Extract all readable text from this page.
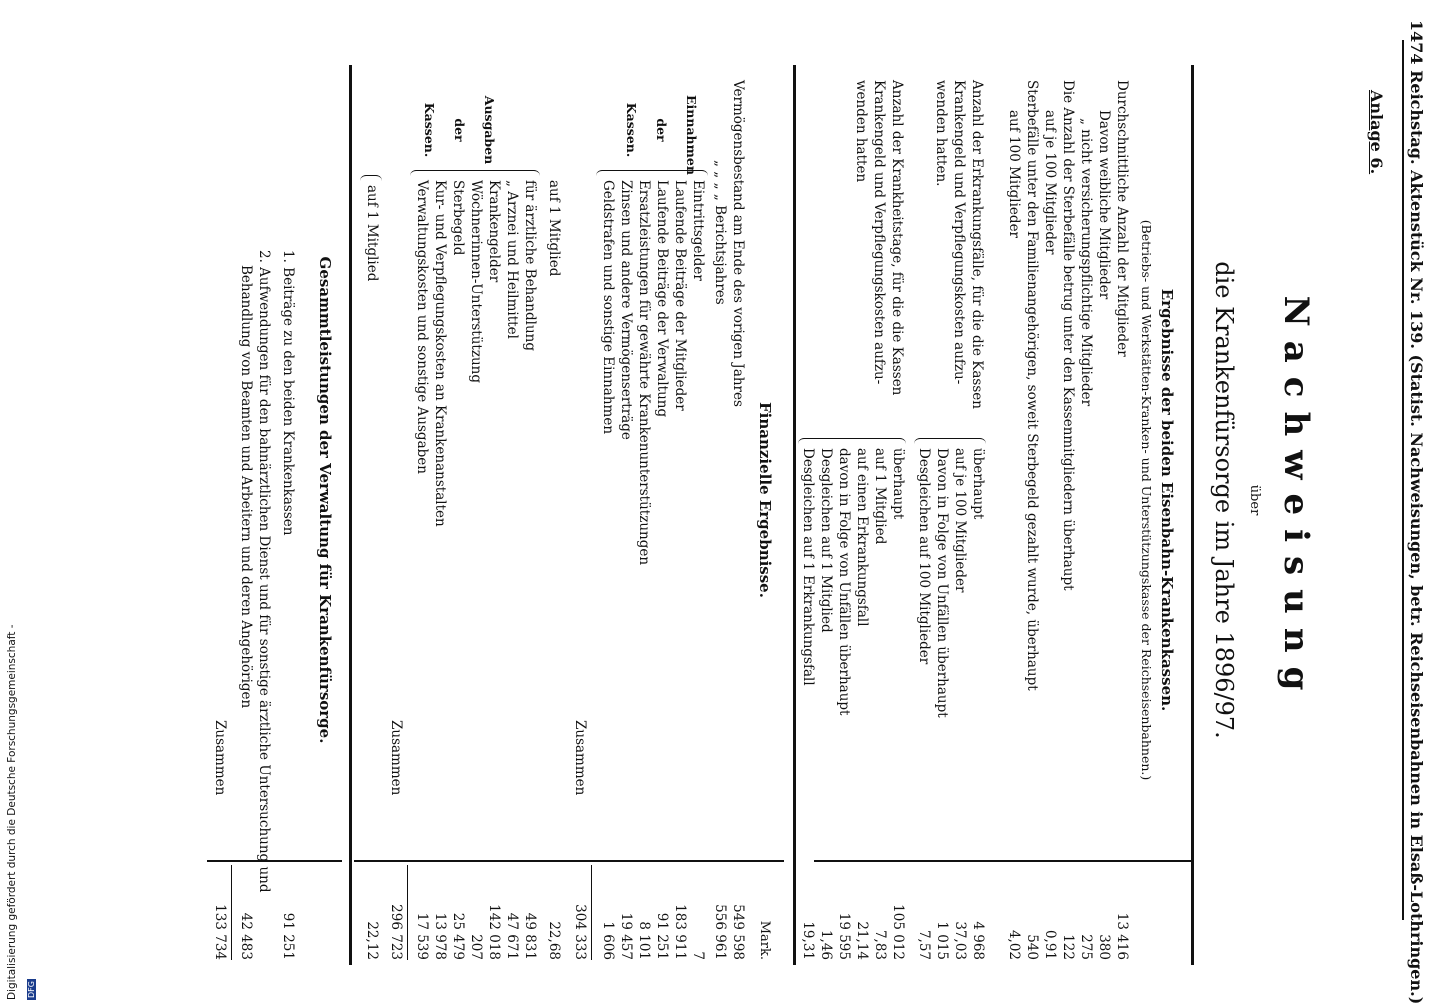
1474 Reichstag. Aktenstück Nr. 139. (Statist. Nachweisungen, betr. Reichseisenbahnen in Elsaß-Lothringen.)
Anlage 6.
Nachweisung
über
die Krankenfürsorge im Jahre 1896/97.
Ergebnisse der beiden Eisenbahn-Krankenkassen.
(Betriebs- und Werkstätten-Kranken- und Unterstützungskasse der Reichseisenbahnen.)
Anzahl der Erkrankungsfälle, für die die Kassen
Krankengeld und Verpflegungskosten aufzu-
wenden hatten.
Anzahl der Krankheitstage, für die die Kassen
Krankengeld und Verpflegungskosten aufzu-
wenden hatten
Finanzielle Ergebnisse.
Mark.
Einnahmen
der
Kassen.
Zusammen
304 333
auf 1 Mitglied
22,68
Ausgaben
der
Kassen.
Zusammen
296 723
auf 1 Mitglied
22,12
Gesammtleistungen der Verwaltung für Krankenfürsorge.
1. Beiträge zu den beiden Krankenkassen
91 251
2. Aufwendungen für den bahnärztlichen Dienst und für sonstige ärztliche Untersuchung und
Behandlung von Beamten und Arbeitern und deren Angehörigen
42 483
Zusammen
133 734
Durchschnittliche Anzahl der Mitglieder
13 416
Davon weibliche Mitglieder
380
„ nicht versicherungspflichtige Mitglieder
275
Die Anzahl der Sterbefälle betrug unter den Kassenmitgliedern überhaupt
122
auf je 100 Mitglieder
0,91
Sterbefälle unter den Familienangehörigen, soweit Sterbegeld gezahlt wurde, überhaupt
540
auf 100 Mitglieder
4,02
überhaupt
4 968
auf je 100 Mitglieder
37,03
Davon in Folge von Unfällen überhaupt
1 015
Desgleichen auf 100 Mitglieder
7,57
überhaupt
105 012
auf 1 Mitglied
7,83
auf einen Erkrankungsfall
21,14
davon in Folge von Unfällen überhaupt
19 595
Desgleichen auf 1 Mitglied
1,46
Desgleichen auf 1 Erkrankungsfall
19,31
Vermögensbestand am Ende des vorigen Jahres
549 598
„ „ „ „ Berichtsjahres
556 961
Eintrittsgelder
7
Laufende Beiträge der Mitglieder
183 911
Laufende Beiträge der Verwaltung
91 251
Ersatzleistungen für gewährte Krankenunterstützungen
8 101
Zinsen und andere Vermögenserträge
19 457
Geldstrafen und sonstige Einnahmen
1 606
für ärztliche Behandlung
49 831
„ Arznei und Heilmittel
47 671
Krankengelder
142 018
Wöchnerinnen-Unterstützung
207
Sterbegeld
25 479
Kur- und Verpflegungskosten an Krankenanstalten
13 978
Verwaltungskosten und sonstige Ausgaben
17 539
Digitalisierung gefördert durch die Deutsche Forschungsgemeinschaft - DFG
